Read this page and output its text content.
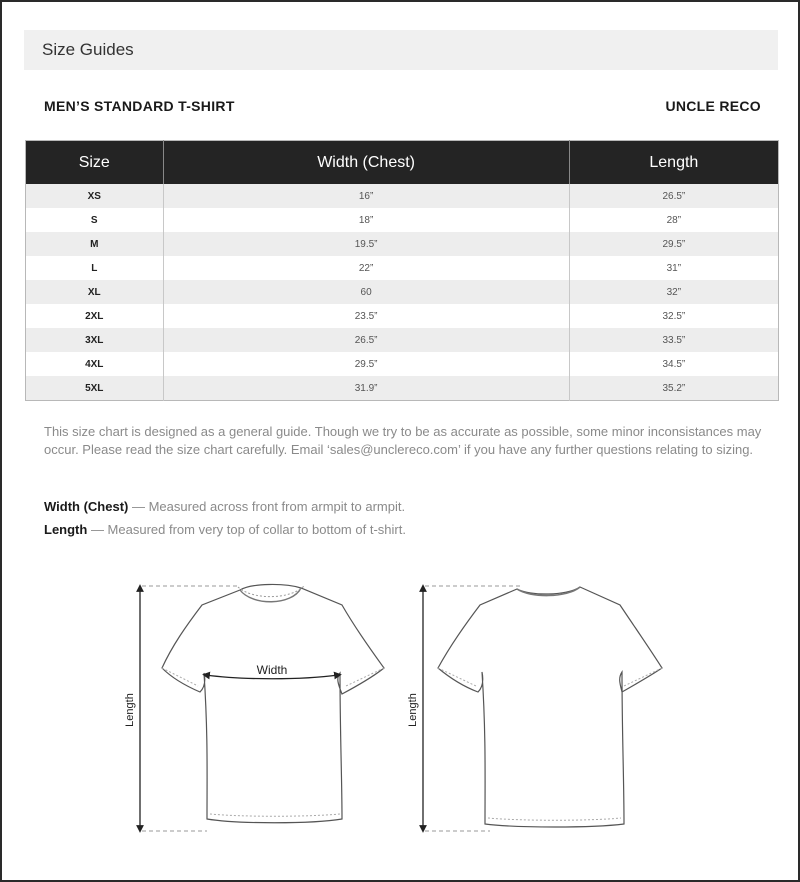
Size Guides
MEN’S STANDARD T-SHIRT	UNCLE RECO
Size	Width (Chest)	Length
XS	16”	26.5”
S	18”	28”
M	19.5”	29.5”
L	22”	31”
XL	60	32”
2XL	23.5”	32.5”
3XL	26.5”	33.5”
4XL	29.5”	34.5”
5XL	31.9”	35.2”

This size chart is designed as a general guide. Though we try to be as accurate as possible, some minor inconsistances may occur. Please read the size chart carefully. Email ‘sales@unclereco.com’ if you have any further questions relating to sizing.

Width (Chest) — Measured across front from armpit to armpit.

Length — Measured from very top of collar to bottom of t-shirt.

Length
Width
Length
